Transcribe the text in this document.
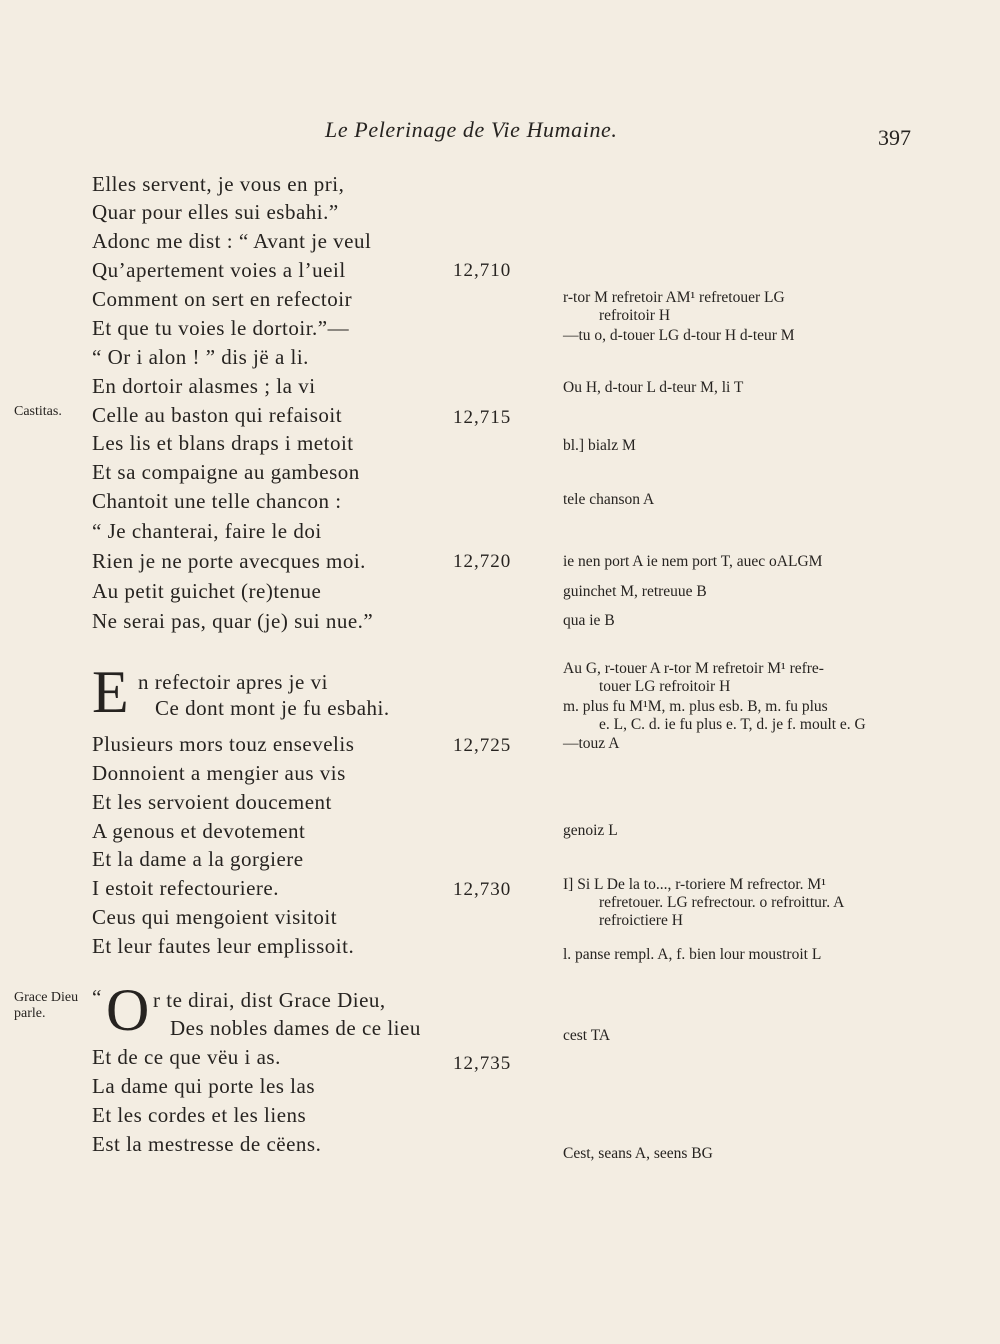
Le Pelerinage de Vie Humaine.	397
Elles servent, je vous en pri,
Quar pour elles sui esbahi.”
Adonc me dist : “ Avant je veul
Qu’apertement voies a l’ueil
Comment on sert en refectoir
Et que tu voies le dortoir.”—
“ Or i alon ! ” dis jë a li.
En dortoir alasmes ; la vi
Celle au baston qui refaisoit
Les lis et blans draps i metoit
Et sa compaigne au gambeson
Chantoit une telle chancon :
“ Je chanterai, faire le doi
Rien je ne porte avecques moi.
Au petit guichet (re)tenue
Ne serai pas, quar (je) sui nue.”
E n refectoir apres je vi
Ce dont mont je fu esbahi.
Plusieurs mors touz ensevelis
Donnoient a mengier aus vis
Et les servoient doucement
A genous et devotement
Et la dame a la gorgiere
I estoit refectouriere.
Ceus qui mengoient visitoit
Et leur fautes leur emplissoit.
“ O r te dirai, dist Grace Dieu,
Des nobles dames de ce lieu
Et de ce que vëu i as.
La dame qui porte les las
Et les cordes et les liens
Est la mestresse de cëens.
12,710
12,715
12,720
12,725
12,730
12,735
Castitas.
Grace Dieu
parle.
r-tor M refretoir AM¹ refretouer LG
refroitoir H
—tu o, d-touer LG d-tour H d-teur M
Ou H, d-tour L d-teur M, li T
bl.] bialz M
tele chanson A
ie nen port A ie nem port T, auec oALGM
guinchet M, retreuue B
qua ie B
Au G, r-touer A r-tor M refretoir M¹ refre-
touer LG refroitoir H
m. plus fu M¹M, m. plus esb. B, m. fu plus
e. L, C. d. ie fu plus e. T, d. je f. moult e. G
—touz A
genoiz L
I] Si L De la to..., r-toriere M refrector. M¹
refretouer. LG refrectour. o refroittur. A
refroictiere H
l. panse rempl. A, f. bien lour moustroit L
cest TA
Cest, seans A, seens BG
